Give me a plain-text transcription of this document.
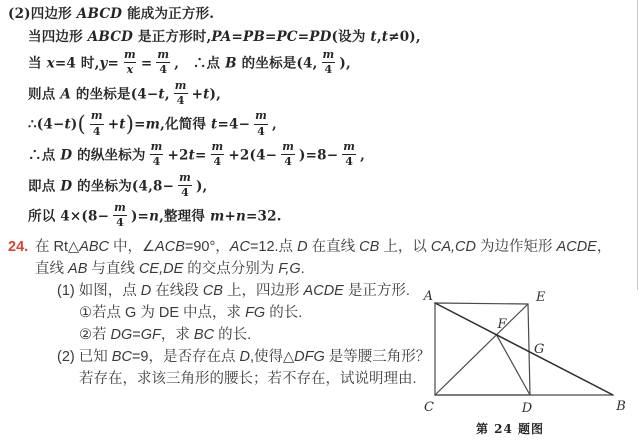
(2)四边形 ABCD 能成为正方形.
当四边形 ABCD 是正方形时,PA=PB=PC=PD(设为 t,t≠0),
当 x=4 时$,y= \frac{m}{x} = \frac{m}{4}$ ,　∴点 B 的坐标是(4, $\frac{m}{4}$ ),
则点 A 的坐标是(4−t, $\frac{m}{4} +t$),
∴(4−t)( $\frac{m}{4} +t)=m$,化简得 $t=4- \frac{m}{4}$ ,
∴点 D 的纵坐标为 $\frac{m}{4} +2t= \frac{m}{4} +2(4- \frac{m}{4} )=8- \frac{m}{4}$ ,
即点 D 的坐标为($4,8- \frac{m}{4}$ ),
所以 $4\times(8- \frac{m}{4} )=n$,整理得 m+n=32.
24. 在 Rt△ABC 中，∠ACB=90°，AC=12.点 D 在直线 CB 上，以 CA,CD 为边作矩形 ACDE，
直线 AB 与直线 CE,DE 的交点分别为 F,G.
(1) 如图，点 D 在线段 CB 上，四边形 ACDE 是正方形.
①若点 G 为 DE 中点，求 FG 的长.
②若 DG=GF，求 BC 的长.
(2) 已知 BC=9，是否存在点 D,使得△DFG 是等腰三角形？
若存在，求该三角形的腰长；若不存在，试说明理由.
A	E
F
G
C	D	B
第 24 题图
